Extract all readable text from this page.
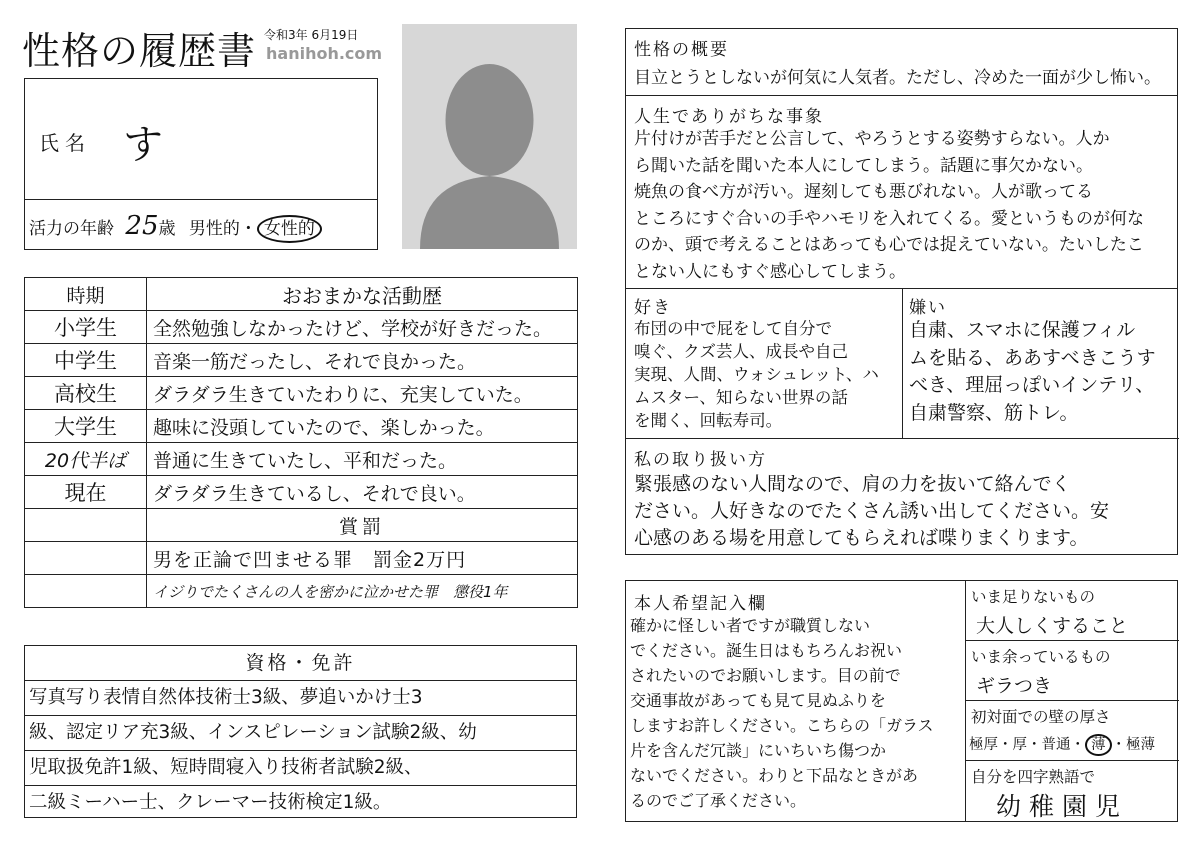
性格の履歴書 令和3年 6月19日
hanihoh.com
氏名 す
活力の年齢 25歳 男性的・ 女性的
時期	おおまかな活動歴
小学生	全然勉強しなかったけど、学校が好きだった。
中学生	音楽一筋だったし、それで良かった。
高校生	ダラダラ生きていたわりに、充実していた。
大学生	趣味に没頭していたので、楽しかった。
20代半ば	普通に生きていたし、平和だった。
現在	ダラダラ生きているし、それで良い。
	賞罰
	男を正論で凹ませる罪　罰金2万円
	イジりでたくさんの人を密かに泣かせた罪　懲役1年
資格・免許
写真写り表情自然体技術士3級、夢追いかけ士3
級、認定リア充3級、インスピレーション試験2級、幼
児取扱免許1級、短時間寝入り技術者試験2級、
二級ミーハー士、クレーマー技術検定1級。
性格の概要
目立とうとしないが何気に人気者。ただし、冷めた一面が少し怖い。
人生でありがちな事象
片付けが苦手だと公言して、やろうとする姿勢すらない。人か
ら聞いた話を聞いた本人にしてしまう。話題に事欠かない。
焼魚の食べ方が汚い。遅刻しても悪びれない。人が歌ってる
ところにすぐ合いの手やハモリを入れてくる。愛というものが何な
のか、頭で考えることはあっても心では捉えていない。たいしたこ
とない人にもすぐ感心してしまう。
好き
布団の中で屁をして自分で
嗅ぐ、クズ芸人、成長や自己
実現、人間、ウォシュレット、ハ
ムスター、知らない世界の話
を聞く、回転寿司。
嫌い
自粛、スマホに保護フィル
ムを貼る、ああすべきこうす
べき、理屈っぽいインテリ、
自粛警察、筋トレ。
私の取り扱い方
緊張感のない人間なので、肩の力を抜いて絡んでく
ださい。人好きなのでたくさん誘い出してください。安
心感のある場を用意してもらえれば喋りまくります。
本人希望記入欄
確かに怪しい者ですが職質しない
でください。誕生日はもちろんお祝い
されたいのでお願いします。目の前で
交通事故があっても見て見ぬふりを
しますお許しください。こちらの「ガラス
片を含んだ冗談」にいちいち傷つか
ないでください。わりと下品なときがあ
るのでご了承ください。
いま足りないもの
大人しくすること
いま余っているもの
ギラつき
初対面での壁の厚さ
極厚・厚・普通・ 薄 ・極薄
自分を四字熟語で
幼稚園児
